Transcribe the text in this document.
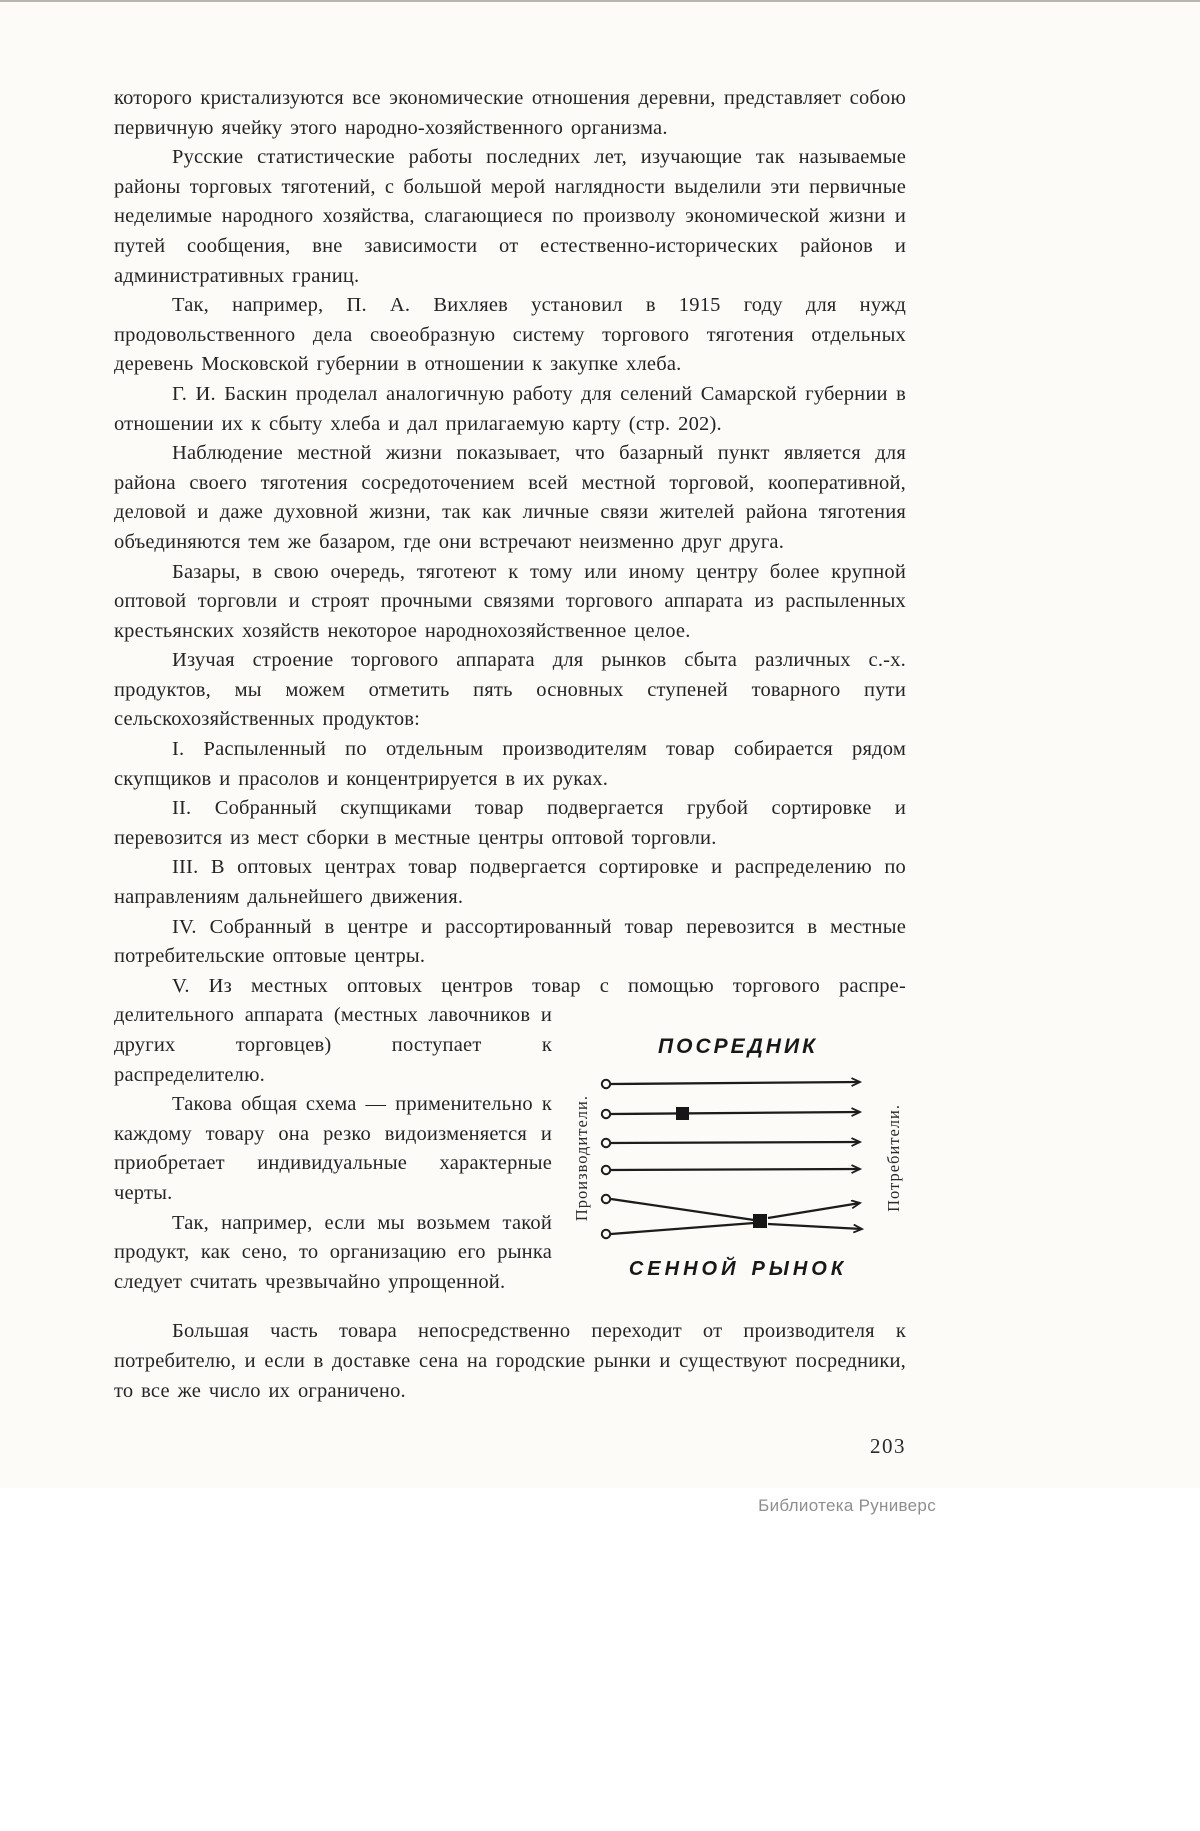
которого кристализуются все экономические отношения деревни, представляет собою первичную ячейку этого народно-хозяйственного организма.

Русские статистические работы последних лет, изучающие так называемые районы торговых тяготений, с большой мерой наглядности выделили эти первичные неделимые народного хозяйства, слагающиеся по произволу экономической жизни и путей сообщения, вне зависимости от естественно-исторических районов и административных границ.

Так, например, П. А. Вихляев установил в 1915 году для нужд продовольственного дела своеобразную систему торгового тяготения отдельных деревень Московской губернии в отношении к закупке хлеба.

Г. И. Баскин проделал аналогичную работу для селений Самарской губернии в отношении их к сбыту хлеба и дал прилагаемую карту (стр. 202).

Наблюдение местной жизни показывает, что базарный пункт является для района своего тяготения сосредоточением всей местной торговой, кооперативной, деловой и даже духовной жизни, так как личные связи жителей района тяготения объединяются тем же базаром, где они встречают неизменно друг друга.

Базары, в свою очередь, тяготеют к тому или иному центру более крупной оптовой торговли и строят прочными связями торгового аппарата из распыленных крестьянских хозяйств некоторое народнохозяйственное целое.

Изучая строение торгового аппарата для рынков сбыта различных с.-х. продуктов, мы можем отметить пять основных ступеней товарного пути сельскохозяйственных продуктов:

I. Распыленный по отдельным производителям товар собирается рядом скупщиков и прасолов и концентрируется в их руках.

II. Собранный скупщиками товар подвергается грубой сортировке и перевозится из мест сборки в местные центры оптовой торговли.

III. В оптовых центрах товар подвергается сортировке и распределению по направлениям дальнейшего движения.

IV. Собранный в центре и рассортированный товар перевозится в местные потребительские оптовые центры.

V. Из местных оптовых центров товар с помощью торгового распре-
Производители.
ПОСРЕДНИК
СЕННОЙ РЫНОК
Потребители.
делительного аппарата (местных лавочников и других торговцев) поступает к распределителю.

Такова общая схема — применительно к каждому товару она резко видоизменяется и приобретает индивидуальные характерные черты.

Так, например, если мы возьмем такой продукт, как сено, то организацию его рынка следует считать чрезвычайно упрощенной.

Большая часть товара непосредственно переходит от производителя к потребителю, и если в доставке сена на городские рынки и существуют посредники, то все же число их ограничено.

203
Библиотека Руниверс
